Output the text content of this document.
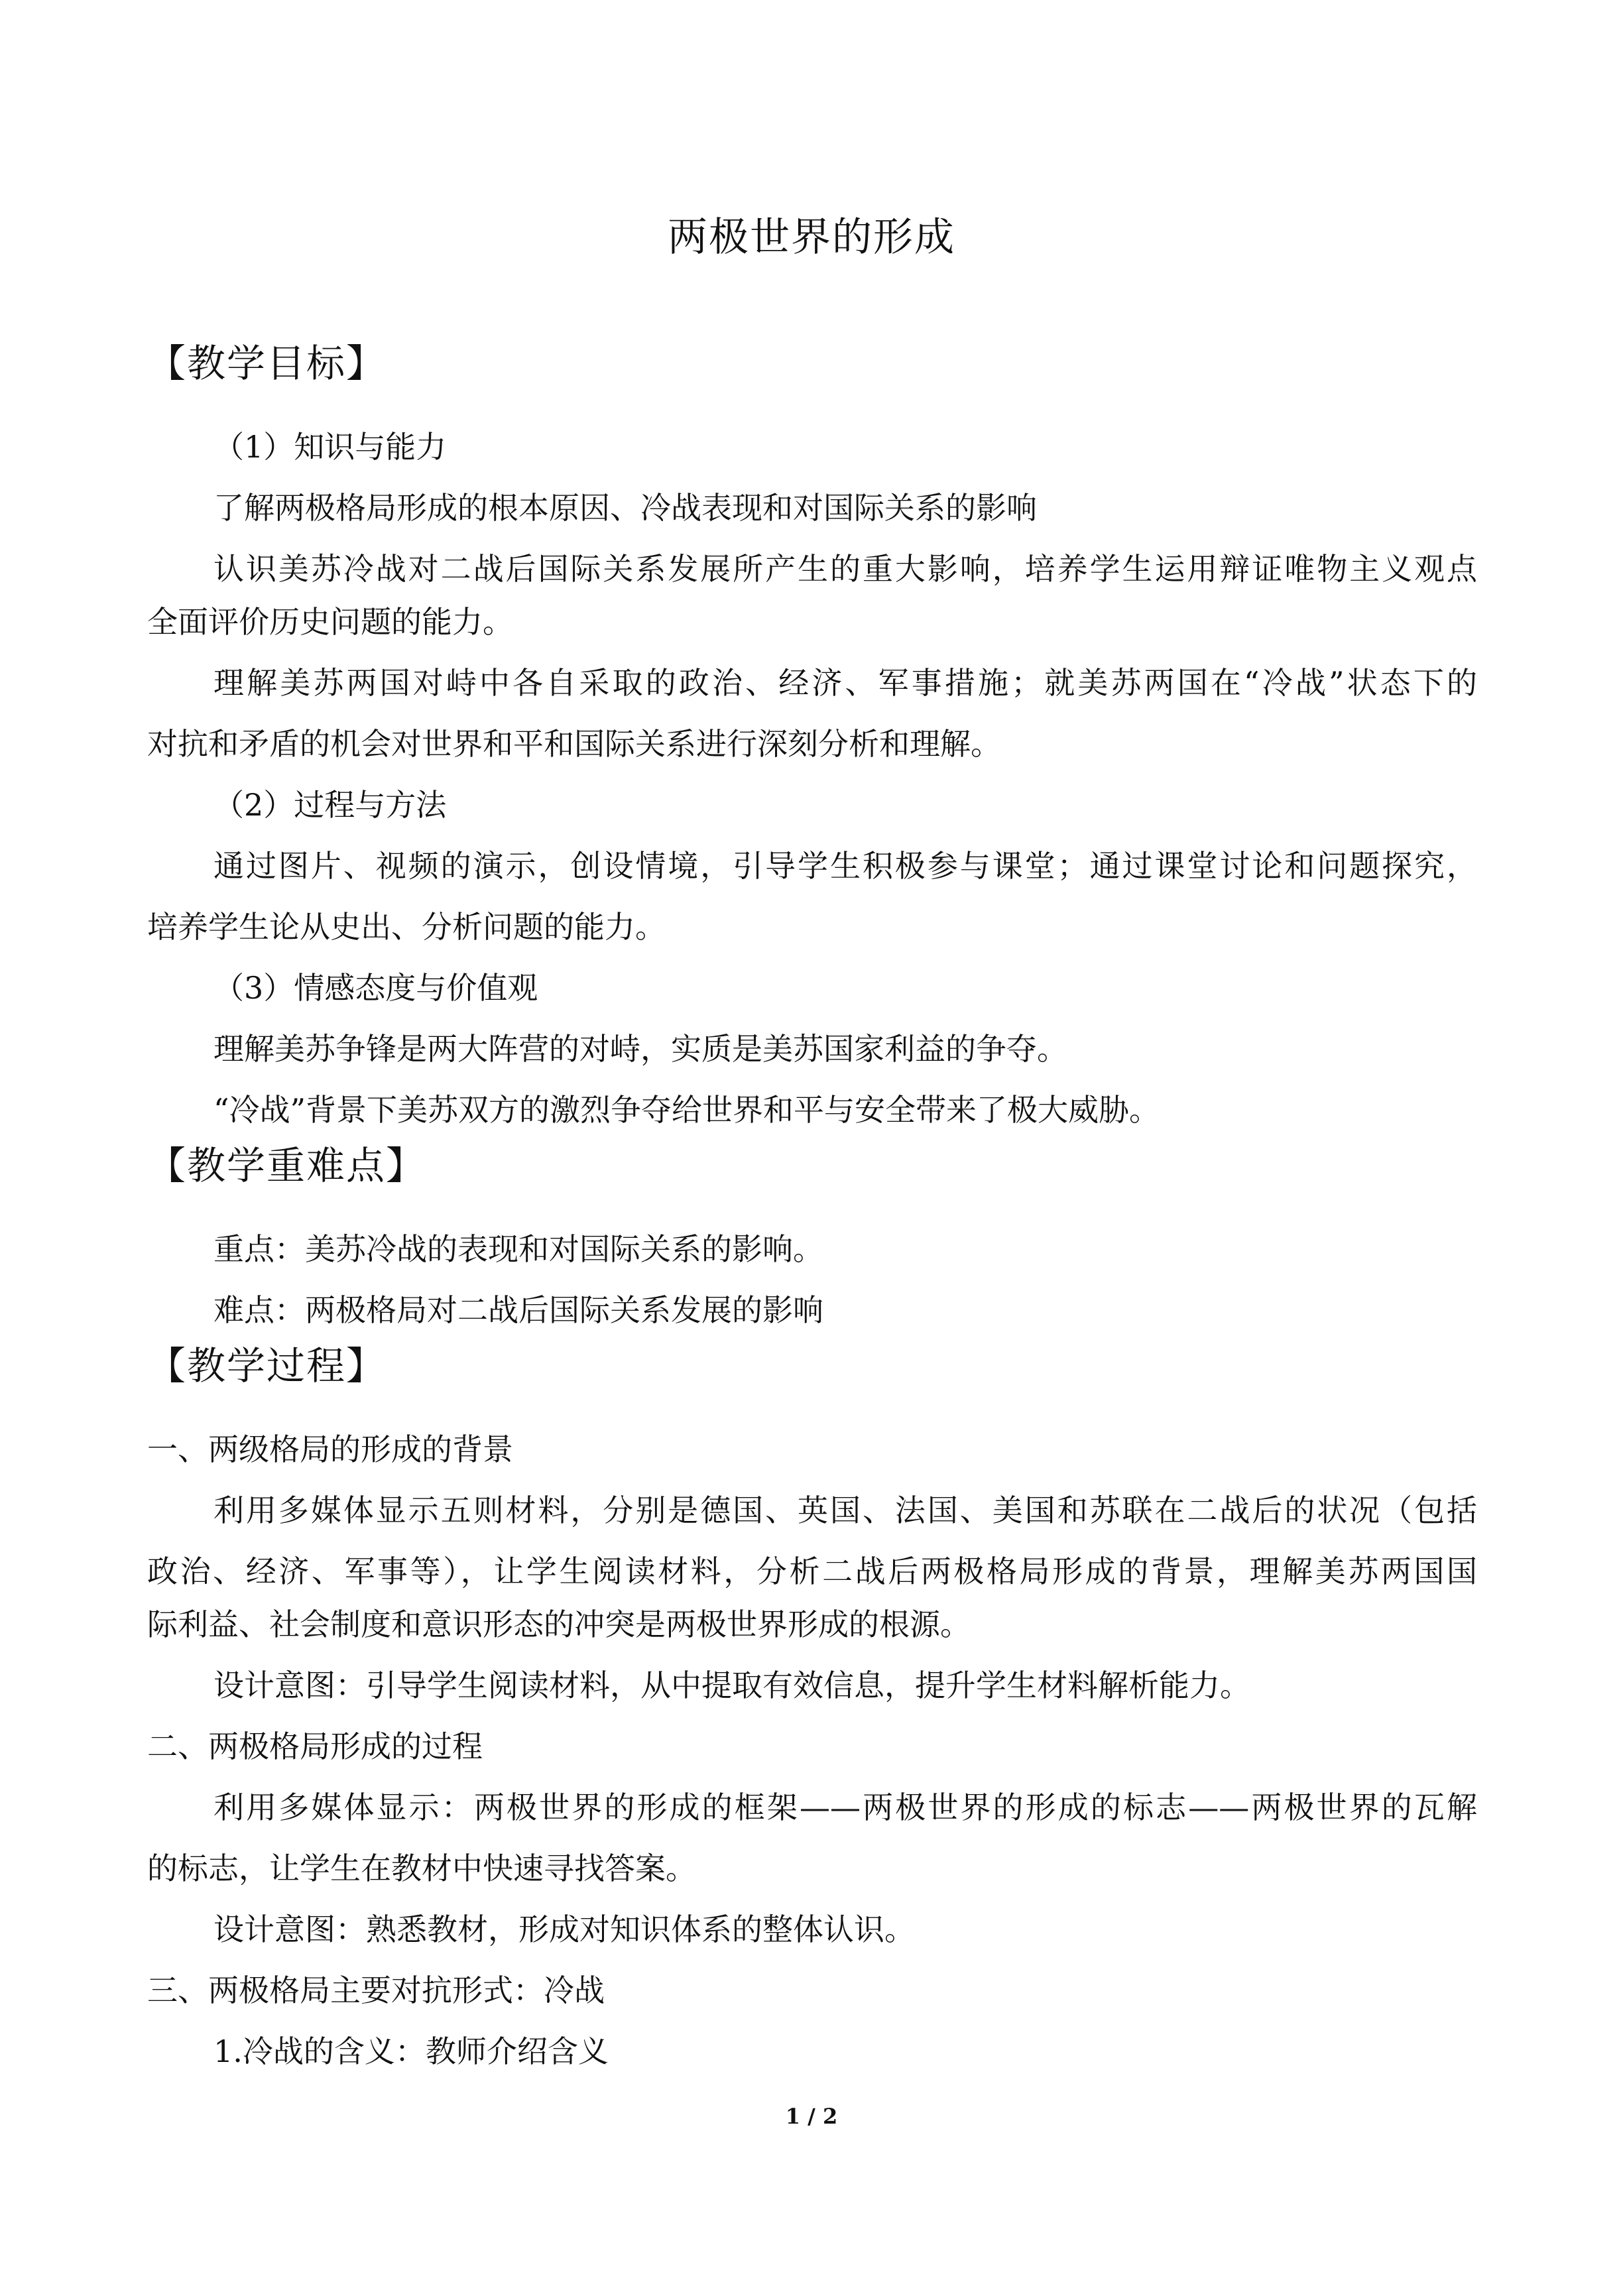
两极世界的形成
【教学目标】
（1）知识与能力
了解两极格局形成的根本原因、冷战表现和对国际关系的影响
认识美苏冷战对二战后国际关系发展所产生的重大影响，培养学生运用辩证唯物主义观点
全面评价历史问题的能力。
理解美苏两国对峙中各自采取的政治、经济、军事措施；就美苏两国在“冷战”状态下的
对抗和矛盾的机会对世界和平和国际关系进行深刻分析和理解。
（2）过程与方法
通过图片、视频的演示，创设情境，引导学生积极参与课堂；通过课堂讨论和问题探究，
培养学生论从史出、分析问题的能力。
（3）情感态度与价值观
理解美苏争锋是两大阵营的对峙，实质是美苏国家利益的争夺。
“冷战”背景下美苏双方的激烈争夺给世界和平与安全带来了极大威胁。
【教学重难点】
重点：美苏冷战的表现和对国际关系的影响。
难点：两极格局对二战后国际关系发展的影响
【教学过程】
一、两级格局的形成的背景
利用多媒体显示五则材料，分别是德国、英国、法国、美国和苏联在二战后的状况（包括
政治、经济、军事等），让学生阅读材料，分析二战后两极格局形成的背景，理解美苏两国国
际利益、社会制度和意识形态的冲突是两极世界形成的根源。
设计意图：引导学生阅读材料，从中提取有效信息，提升学生材料解析能力。
二、两极格局形成的过程
利用多媒体显示：两极世界的形成的框架——两极世界的形成的标志——两极世界的瓦解
的标志，让学生在教材中快速寻找答案。
设计意图：熟悉教材，形成对知识体系的整体认识。
三、两极格局主要对抗形式：冷战
1.冷战的含义：教师介绍含义
1 / 2
